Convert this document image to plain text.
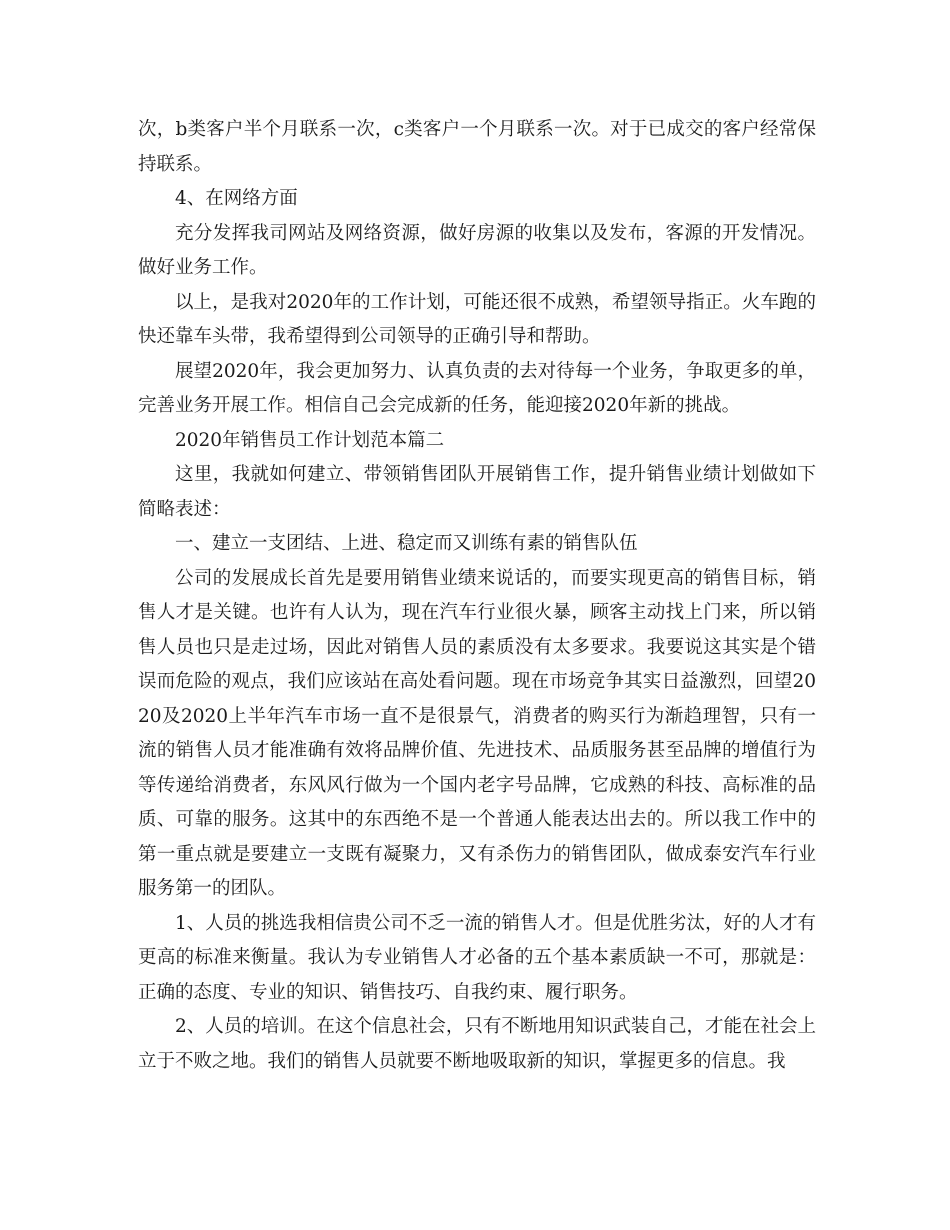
次，b类客户半个月联系一次，c类客户一个月联系一次。对于已成交的客户经常保持联系。

4、在网络方面

充分发挥我司网站及网络资源，做好房源的收集以及发布，客源的开发情况。做好业务工作。

以上，是我对2020年的工作计划，可能还很不成熟，希望领导指正。火车跑的快还靠车头带，我希望得到公司领导的正确引导和帮助。

展望2020年，我会更加努力、认真负责的去对待每一个业务，争取更多的单，完善业务开展工作。相信自己会完成新的任务，能迎接2020年新的挑战。

2020年销售员工作计划范本篇二

这里，我就如何建立、带领销售团队开展销售工作，提升销售业绩计划做如下简略表述：

一、建立一支团结、上进、稳定而又训练有素的销售队伍

公司的发展成长首先是要用销售业绩来说话的，而要实现更高的销售目标，销售人才是关键。也许有人认为，现在汽车行业很火暴，顾客主动找上门来，所以销售人员也只是走过场，因此对销售人员的素质没有太多要求。我要说这其实是个错误而危险的观点，我们应该站在高处看问题。现在市场竞争其实日益激烈，回望2020及2020上半年汽车市场一直不是很景气，消费者的购买行为渐趋理智，只有一流的销售人员才能准确有效将品牌价值、先进技术、品质服务甚至品牌的增值行为等传递给消费者，东风风行做为一个国内老字号品牌，它成熟的科技、高标准的品质、可靠的服务。这其中的东西绝不是一个普通人能表达出去的。所以我工作中的第一重点就是要建立一支既有凝聚力，又有杀伤力的销售团队，做成泰安汽车行业服务第一的团队。

1、人员的挑选我相信贵公司不乏一流的销售人才。但是优胜劣汰，好的人才有更高的标准来衡量。我认为专业销售人才必备的五个基本素质缺一不可，那就是：正确的态度、专业的知识、销售技巧、自我约束、履行职务。

2、人员的培训。在这个信息社会，只有不断地用知识武装自己，才能在社会上立于不败之地。我们的销售人员就要不断地吸取新的知识，掌握更多的信息。我
